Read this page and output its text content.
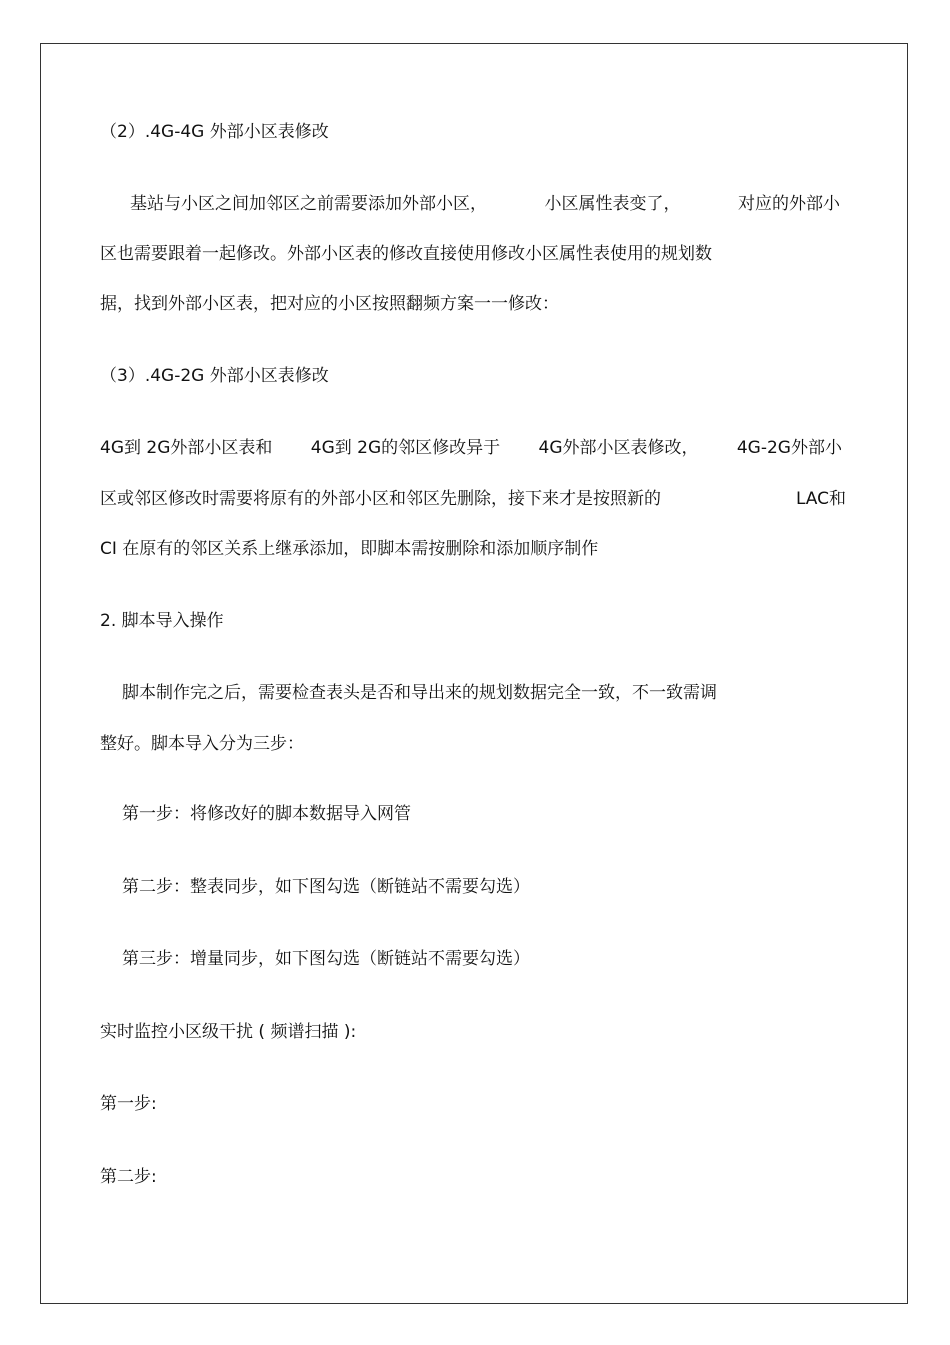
（2）.4G-4G 外部小区表修改

基站与小区之间加邻区之前需要添加外部小区，	小区属性表变了，	对应的外部小

区也需要跟着一起修改。外部小区表的修改直接使用修改小区属性表使用的规划数

据，找到外部小区表，把对应的小区按照翻频方案一一修改：

（3）.4G-2G 外部小区表修改

4G到 2G外部小区表和 4G到 2G的邻区修改异于 4G外部小区表修改， 4G-2G外部小
区或邻区修改时需要将原有的外部小区和邻区先删除，接下来才是按照新的	LAC和

CI 在原有的邻区关系上继承添加，即脚本需按删除和添加顺序制作

2. 脚本导入操作

脚本制作完之后，需要检查表头是否和导出来的规划数据完全一致，不一致需调

整好。脚本导入分为三步：

第一步：将修改好的脚本数据导入网管

第二步：整表同步，如下图勾选（断链站不需要勾选）

第三步：增量同步，如下图勾选（断链站不需要勾选）

实时监控小区级干扰 ( 频谱扫描 ):

第一步:

第二步:
